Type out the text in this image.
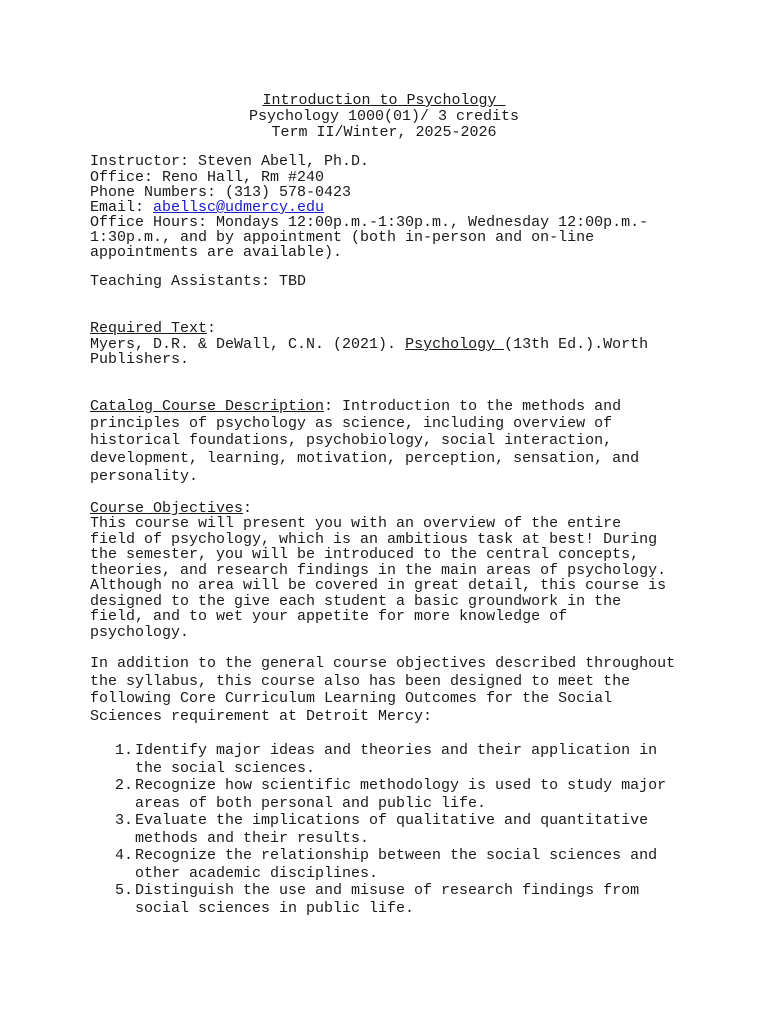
Introduction to Psychology
Psychology 1000(01)/ 3 credits
Term II/Winter, 2025-2026
Instructor: Steven Abell, Ph.D.
Office: Reno Hall, Rm #240
Phone Numbers: (313) 578-0423
Email: abellsc@udmercy.edu
Office Hours: Mondays 12:00p.m.-1:30p.m., Wednesday 12:00p.m.-
1:30p.m., and by appointment (both in-person and on-line
appointments are available).
Teaching Assistants: TBD
Required Text:
Myers, D.R. & DeWall, C.N. (2021). Psychology (13th Ed.).Worth
Publishers.
Catalog Course Description: Introduction to the methods and
principles of psychology as science, including overview of
historical foundations, psychobiology, social interaction,
development, learning, motivation, perception, sensation, and
personality.
Course Objectives:
This course will present you with an overview of the entire
field of psychology, which is an ambitious task at best! During
the semester, you will be introduced to the central concepts,
theories, and research findings in the main areas of psychology.
Although no area will be covered in great detail, this course is
designed to the give each student a basic groundwork in the
field, and to wet your appetite for more knowledge of
psychology.
In addition to the general course objectives described throughout
the syllabus, this course also has been designed to meet the
following Core Curriculum Learning Outcomes for the Social
Sciences requirement at Detroit Mercy:
1. Identify major ideas and theories and their application in
the social sciences.
2. Recognize how scientific methodology is used to study major
areas of both personal and public life.
3. Evaluate the implications of qualitative and quantitative
methods and their results.
4. Recognize the relationship between the social sciences and
other academic disciplines.
5. Distinguish the use and misuse of research findings from
social sciences in public life.
